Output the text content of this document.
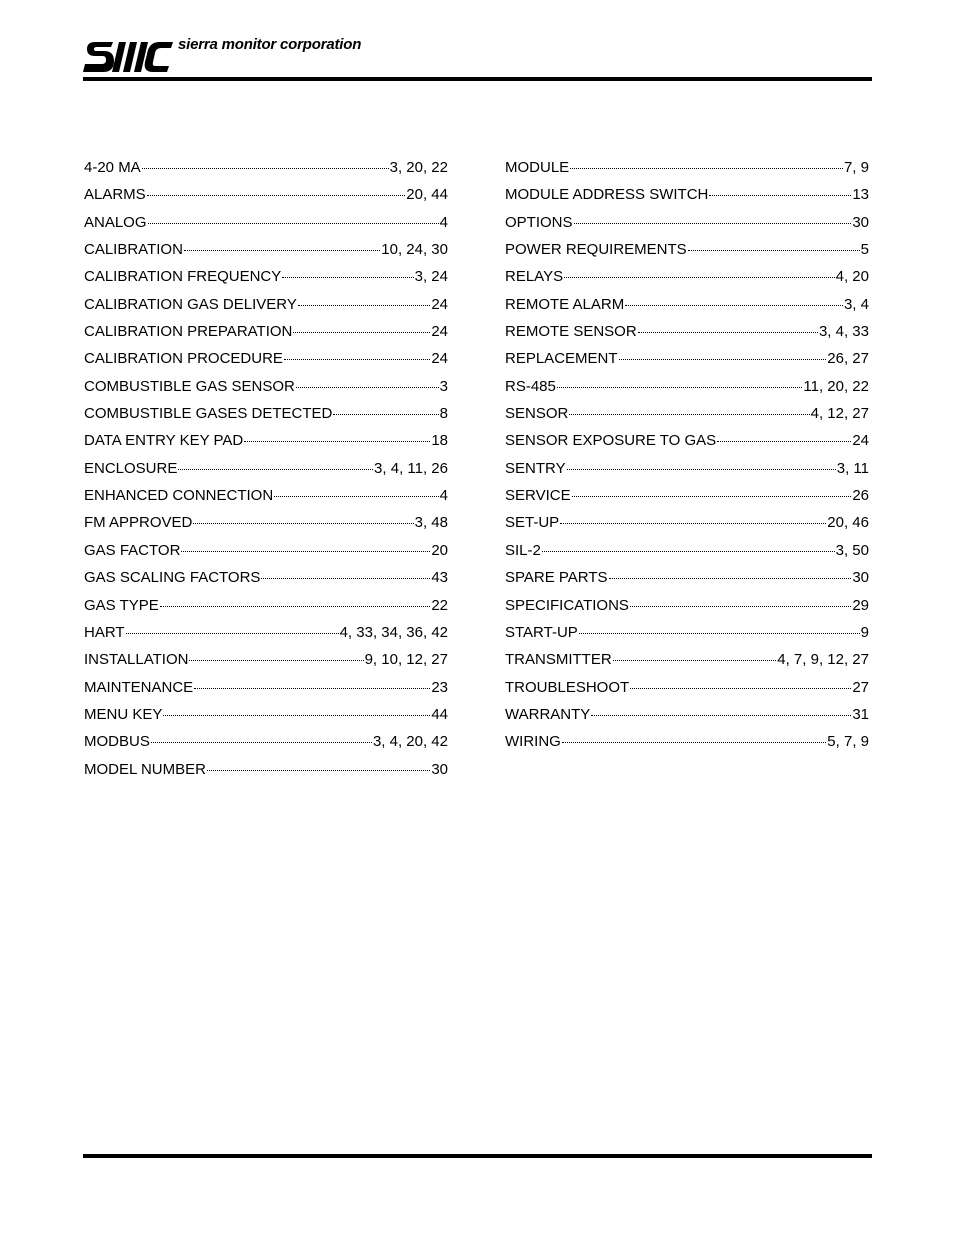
sierra monitor corporation
4-20 MA	3, 20, 22
ALARMS	20, 44
ANALOG	4
CALIBRATION	10, 24, 30
CALIBRATION FREQUENCY	3, 24
CALIBRATION GAS DELIVERY	24
CALIBRATION PREPARATION	24
CALIBRATION PROCEDURE	24
COMBUSTIBLE GAS SENSOR	3
COMBUSTIBLE GASES DETECTED	8
DATA ENTRY KEY PAD	18
ENCLOSURE	3, 4, 11, 26
ENHANCED CONNECTION	4
FM APPROVED	3, 48
GAS FACTOR	20
GAS SCALING FACTORS	43
GAS TYPE	22
HART	4, 33, 34, 36, 42
INSTALLATION	9, 10, 12, 27
MAINTENANCE	23
MENU KEY	44
MODBUS	3, 4, 20, 42
MODEL NUMBER	30
MODULE	7, 9
MODULE ADDRESS SWITCH	13
OPTIONS	30
POWER REQUIREMENTS	5
RELAYS	4, 20
REMOTE ALARM	3, 4
REMOTE SENSOR	3, 4, 33
REPLACEMENT	26, 27
RS-485	11, 20, 22
SENSOR	4, 12, 27
SENSOR EXPOSURE TO GAS	24
SENTRY	3, 11
SERVICE	26
SET-UP	20, 46
SIL-2	3, 50
SPARE PARTS	30
SPECIFICATIONS	29
START-UP	9
TRANSMITTER	4, 7, 9, 12, 27
TROUBLESHOOT	27
WARRANTY	31
WIRING	5, 7, 9
